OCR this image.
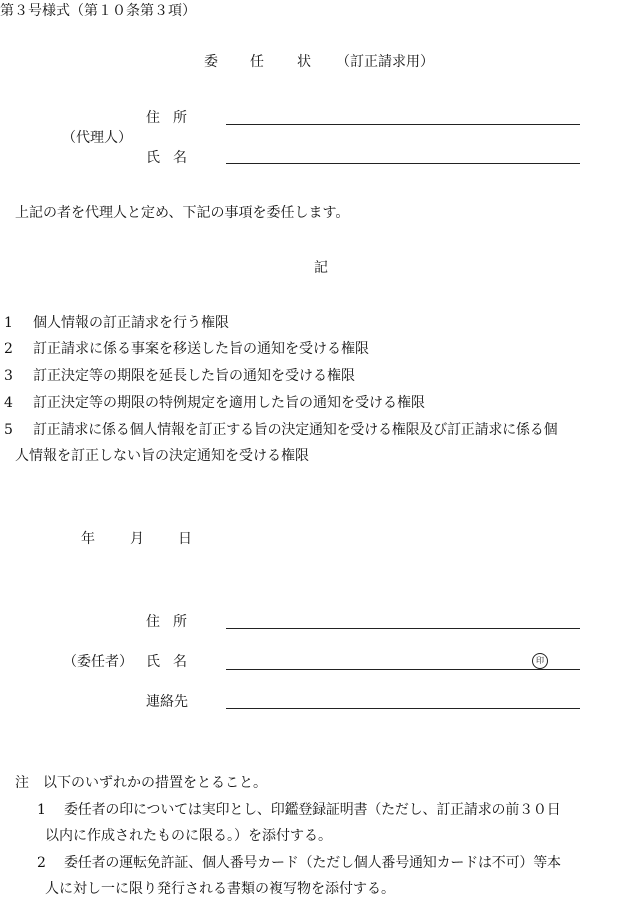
第３号様式（第１０条第３項）
委 任 状 （訂正請求用）
住 所
（代理人）
氏 名
上記の者を代理人と定め、下記の事項を委任します。
記
1 個人情報の訂正請求を行う権限
2 訂正請求に係る事案を移送した旨の通知を受ける権限
3 訂正決定等の期限を延長した旨の通知を受ける権限
4 訂正決定等の期限の特例規定を適用した旨の通知を受ける権限
5 訂正請求に係る個人情報を訂正する旨の決定通知を受ける権限及び訂正請求に係る個
人情報を訂正しない旨の決定通知を受ける権限
年	月 日
住 所
（委任者） 氏 名	印
連絡先
注　以下のいずれかの措置をとること。
1 委任者の印については実印とし、印鑑登録証明書（ただし、訂正請求の前３０日
以内に作成されたものに限る。）を添付する。
2 委任者の運転免許証、個人番号カード（ただし個人番号通知カードは不可）等本
人に対し一に限り発行される書類の複写物を添付する。
